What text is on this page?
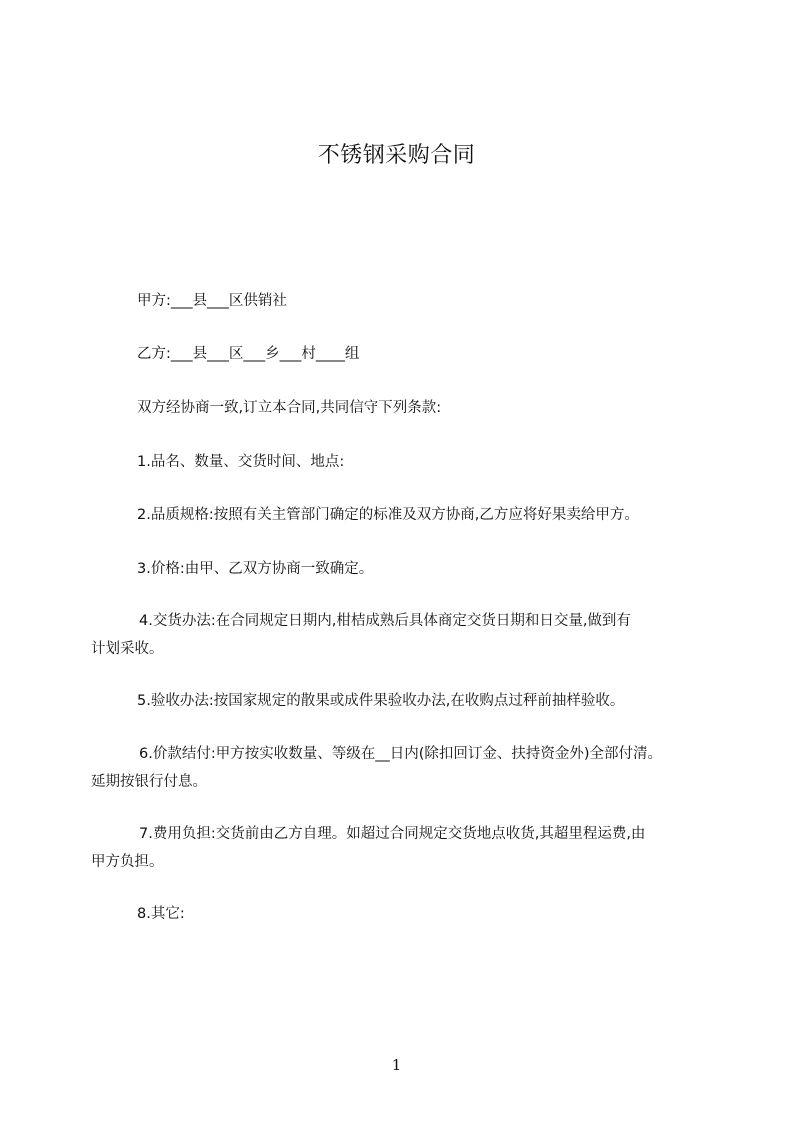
不锈钢采购合同
甲方:___县___区供销社
乙方:___县___区___乡___村____组
双方经协商一致,订立本合同,共同信守下列条款:
1.品名、数量、交货时间、地点:
2.品质规格:按照有关主管部门确定的标准及双方协商,乙方应将好果卖给甲方。
3.价格:由甲、乙双方协商一致确定。
4.交货办法:在合同规定日期内,柑桔成熟后具体商定交货日期和日交量,做到有
计划采收。
5.验收办法:按国家规定的散果或成件果验收办法,在收购点过秤前抽样验收。
6.价款结付:甲方按实收数量、等级在__日内(除扣回订金、扶持资金外)全部付清。
延期按银行付息。
7.费用负担:交货前由乙方自理。如超过合同规定交货地点收货,其超里程运费,由
甲方负担。
8.其它:
1
